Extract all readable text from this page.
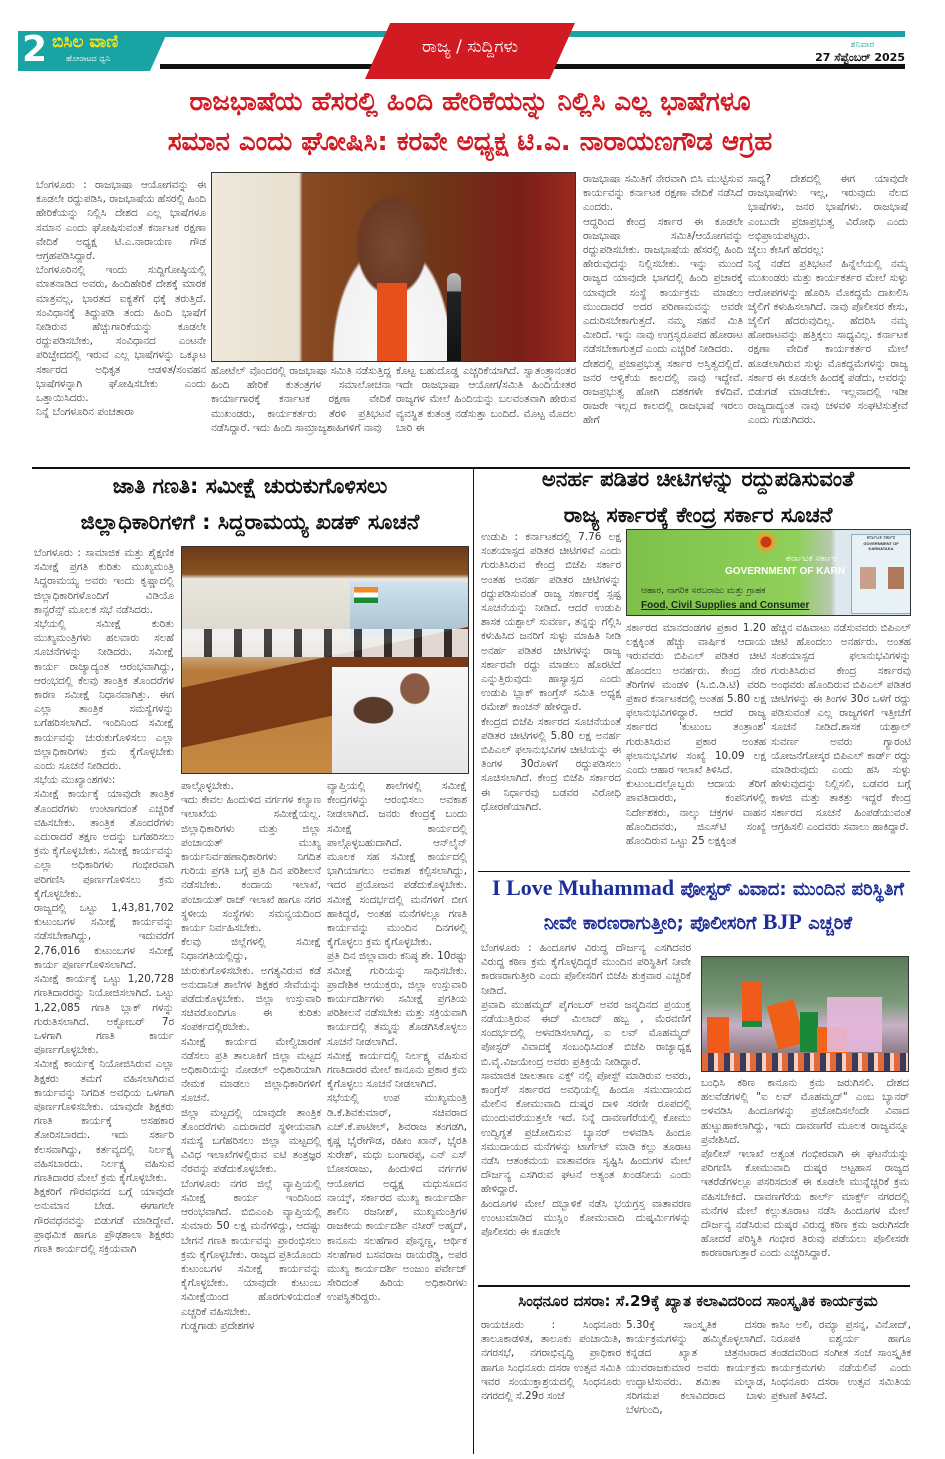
2 ಬಿಸಿಲ ವಾಣಿ
ಹೋರಾಟದ ಧ್ವನಿ
ರಾಜ್ಯ / ಸುದ್ದಿಗಳು	ಶನಿವಾರ
27 ಸೆಪ್ಟೆಂಬರ್ 2025
ರಾಜಭಾಷೆಯ ಹೆಸರಲ್ಲಿ ಹಿಂದಿ ಹೇರಿಕೆಯನ್ನು ನಿಲ್ಲಿಸಿ ಎಲ್ಲ ಭಾಷೆಗಳೂ
ಸಮಾನ ಎಂದು ಘೋಷಿಸಿ: ಕರವೇ ಅಧ್ಯಕ್ಷ ಟಿ.ಎ. ನಾರಾಯಣಗೌಡ ಆಗ್ರಹ
ಬೆಂಗಳೂರು : ರಾಜಭಾಷಾ ಆಯೋಗವನ್ನು ಈ ಕೂಡಲೇ ರದ್ದುಪಡಿಸಿ, ರಾಜಭಾಷೆಯ ಹೆಸರಲ್ಲಿ ಹಿಂದಿ ಹೇರಿಕೆಯನ್ನು ನಿಲ್ಲಿಸಿ ದೇಶದ ಎಲ್ಲ ಭಾಷೆಗಳೂ ಸಮಾನ ಎಂದು ಘೋಷಿಸುವಂತೆ ಕರ್ನಾಟಕ ರಕ್ಷಣಾ ವೇದಿಕೆ ಅಧ್ಯಕ್ಷ ಟಿ.ಎ.ನಾರಾಯಣ ಗೌಡ ಆಗ್ರಹಪಡಿಸಿದ್ದಾರೆ.
ಬೆಂಗಳೂರಿನಲ್ಲಿ ಇಂದು ಸುದ್ದಿಗೋಷ್ಠಿಯಲ್ಲಿ ಮಾತನಾಡಿದ ಅವರು, ಹಿಂದಿಹೇರಿಕೆ ದೇಶಕ್ಕೆ ಮಾರಕ ಮಾತ್ರವಲ್ಲ, ಭಾರತದ ಐಕ್ಯತೆಗೆ ಧಕ್ಕೆ ತರುತ್ತಿದೆ. ಸಂವಿಧಾನಕ್ಕೆ ತಿದ್ದುಪಡಿ ತಂದು ಹಿಂದಿ ಭಾಷೆಗೆ ನೀಡಿರುವ ಹೆಚ್ಚುಗಾರಿಕೆಯನ್ನು ಕೂಡಲೇ ರದ್ದುಪಡಿಸಬೇಕು, ಸಂವಿಧಾನದ ಎಂಟನೇ ಪರಿಚ್ಛೇದದಲ್ಲಿ ಇರುವ ಎಲ್ಲ ಭಾಷೆಗಳನ್ನು ಒಕ್ಕೂಟ ಸರ್ಕಾರದ ಅಧಿಕೃತ ಆಡಳಿತ/ಸಂವಹನ ಭಾಷೆಗಳನ್ನಾಗಿ ಘೋಷಿಸಬೇಕು ಎಂದು ಒತ್ತಾಯಿಸಿದರು.
ನಿನ್ನೆ ಬೆಂಗಳೂರಿನ ಪಂಚತಾರಾ
ಹೋಟೆಲ್ ವೊಂದರಲ್ಲಿ ರಾಜಭಾಷಾ ಸಮಿತಿ ನಡೆಸುತ್ತಿದ್ದ ಹಿಂದಿ ಹೇರಿಕೆ ಕುತಂತ್ರಗಳ ಸಮಾಲೋಚನಾ ಕಾರ್ಯಾಗಾರಕ್ಕೆ ಕರ್ನಾಟಕ ರಕ್ಷಣಾ ವೇದಿಕೆ ಮುಖಂಡರು, ಕಾರ್ಯಕರ್ತರು ತೆರಳಿ ಪ್ರತಿಭಟನೆ ನಡೆಸಿದ್ದಾರೆ. ಇದು ಹಿಂದಿ ಸಾಮ್ರಾಜ್ಯಶಾಹಿಗಳಿಗೆ ನಾವು
ಕೊಟ್ಟ ಬಹುದೊಡ್ಡ ಎಚ್ಚರಿಕೆಯಾಗಿದೆ. ಸ್ವಾತಂತ್ರ್ಯಾನಂತರ ಇದೇ ರಾಜಭಾಷಾ ಆಯೋಗ/ಸಮಿತಿ ಹಿಂದಿಯೇತರ ರಾಜ್ಯಗಳ ಮೇಲೆ ಹಿಂದಿಯನ್ನು ಬಲವಂತವಾಗಿ ಹೇರುವ ವ್ಯವಸ್ಥಿತ ಕುತಂತ್ರ ನಡೆಸುತ್ತಾ ಬಂದಿದೆ. ಮೊಟ್ಟ ಮೊದಲ ಬಾರಿ ಈ
ರಾಜಭಾಷಾ ಸಮಿತಿಗೆ ನೇರವಾಗಿ ಬಿಸಿ ಮುಟ್ಟಿಸುವ ಕಾರ್ಯವನ್ನು ಕರ್ನಾಟಕ ರಕ್ಷಣಾ ವೇದಿಕೆ ನಡೆಸಿದೆ ಎಂದರು.
ಆದ್ದರಿಂದ ಕೇಂದ್ರ ಸರ್ಕಾರ ಈ ಕೂಡಲೇ ರಾಜಭಾಷಾ ಸಮಿತಿ/ಆಯೋಗವನ್ನು ರದ್ದುಪಡಿಸಬೇಕು. ರಾಜಭಾಷೆಯ ಹೆಸರಲ್ಲಿ ಹಿಂದಿ ಹೇರುವುದನ್ನು ನಿಲ್ಲಿಸಬೇಕು. ಇನ್ನು ಮುಂದೆ ರಾಜ್ಯದ ಯಾವುದೇ ಭಾಗದಲ್ಲಿ ಹಿಂದಿ ಪ್ರಚಾರಕ್ಕೆ ಯಾವುದೇ ಸಂಸ್ಥೆ ಕಾರ್ಯಕ್ರಮ ಮಾಡಲು ಮುಂದಾದರೆ ಅದರ ಪರಿಣಾಮವನ್ನು ಅವರೇ ಎದುರಿಸಬೇಕಾಗುತ್ತದೆ. ನಮ್ಮ ಸಹನೆ ಮಿತಿ ಮೀರಿದೆ. ಇನ್ನು ನಾವು ಉಗ್ರಸ್ವರೂಪದ ಹೋರಾಟ ನಡೆಸಬೇಕಾಗುತ್ತದೆ ಎಂದು ಎಚ್ಚರಿಕೆ ನೀಡಿದರು.
ದೇಶದಲ್ಲಿ ಪ್ರಜಾಪ್ರಭುತ್ವ ಸರ್ಕಾರ ಅಸ್ತಿತ್ವದಲ್ಲಿದೆ. ಜನರ ಆಳ್ವಿಕೆಯ ಕಾಲದಲ್ಲಿ ನಾವು ಇದ್ದೇವೆ. ರಾಜಪ್ರಭುತ್ವ ಹೋಗಿ ದಶಕಗಳೇ ಕಳೆದಿವೆ. ರಾಜರೇ ಇಲ್ಲದ ಕಾಲದಲ್ಲಿ ರಾಜಭಾಷೆ ಇರಲು ಹೇಗೆ
ಸಾಧ್ಯ? ದೇಶದಲ್ಲಿ ಈಗ ಯಾವುದೇ ರಾಜಭಾಷೆಗಳು ಇಲ್ಲ, ಇರುವುದು ನೆಲದ ಭಾಷೆಗಳು, ಜನರ ಭಾಷೆಗಳು. ರಾಜಭಾಷೆ ಎಂಬುದೇ ಪ್ರಜಾಪ್ರಭುತ್ವ ವಿರೋಧಿ ಎಂದು ಅಭಿಪ್ರಾಯಪಟ್ಟರು.
ಜೈಲು ಕೇಸಿಗೆ ಹೆದರಲ್ಲ:
ನಿನ್ನೆ ನಡೆದ ಪ್ರತಿಭಟನೆ ಹಿನ್ನೆಲೆಯಲ್ಲಿ ನಮ್ಮ ಮುಖಂಡರು ಮತ್ತು ಕಾರ್ಯಕರ್ತರ ಮೇಲೆ ಸುಳ್ಳು ಆರೋಪಗಳನ್ನು ಹೊರಿಸಿ ಮೊಕದ್ದಮೆ ದಾಖಲಿಸಿ ಜೈಲಿಗೆ ಕಳುಹಿಸಲಾಗಿದೆ. ನಾವು ಪೊಲೀಸರ ಕೇಸು, ಜೈಲಿಗೆ ಹೆದರುವುದಿಲ್ಲ. ಹೆದರಿಸಿ ನಮ್ಮ ಹೋರಾಟವನ್ನು ಹತ್ತಿಕ್ಕಲು ಸಾಧ್ಯವಿಲ್ಲ. ಕರ್ನಾಟಕ ರಕ್ಷಣಾ ವೇದಿಕೆ ಕಾರ್ಯಕರ್ತರ ಮೇಲೆ ಹೂಡಲಾಗಿರುವ ಸುಳ್ಳು ಮೊಕದ್ದಮೆಗಳನ್ನು ರಾಜ್ಯ ಸರ್ಕಾರ ಈ ಕೂಡಲೇ ಹಿಂದಕ್ಕೆ ಪಡೆದು, ಅವರನ್ನು ಬಿಡುಗಡೆ ಮಾಡಬೇಕು. ಇಲ್ಲವಾದಲ್ಲಿ ಇಡೀ ರಾಜ್ಯದಾದ್ಯಂತ ನಾವು ಚಳವಳಿ ಸಂಘಟಿಸುತ್ತೇವೆ ಎಂದು ಗುಡುಗಿದರು.
ಜಾತಿ ಗಣತಿ: ಸಮೀಕ್ಷೆ ಚುರುಕುಗೊಳಿಸಲು
ಜಿಲ್ಲಾಧಿಕಾರಿಗಳಿಗೆ : ಸಿದ್ದರಾಮಯ್ಯ ಖಡಕ್ ಸೂಚನೆ
ಬೆಂಗಳೂರು : ಸಾಮಾಜಿಕ ಮತ್ತು ಶೈಕ್ಷಣಿಕ ಸಮೀಕ್ಷೆ ಪ್ರಗತಿ ಕುರಿತು ಮುಖ್ಯಮಂತ್ರಿ ಸಿದ್ದರಾಮಯ್ಯ ಅವರು ಇಂದು ಕೃಷ್ಣಾದಲ್ಲಿ ಜಿಲ್ಲಾಧಿಕಾರಿಗಳೊಂದಿಗೆ ವಿಡಿಯೊ ಕಾನ್ಫರೆನ್ಸ್ ಮೂಲಕ ಸಭೆ ನಡೆಸಿದರು.
ಸಭೆಯಲ್ಲಿ ಸಮೀಕ್ಷೆ ಕುರಿತು ಮುಖ್ಯಮಂತ್ರಿಗಳು ಹಲವಾರು ಸಲಹೆ ಸೂಚನೆಗಳನ್ನು ನೀಡಿದರು. ಸಮೀಕ್ಷೆ ಕಾರ್ಯ ರಾಜ್ಯಾದ್ಯಂತ ಆರಂಭವಾಗಿದ್ದು, ಆರಂಭದಲ್ಲಿ ಕೆಲವು ತಾಂತ್ರಿಕ ತೊಂದರೆಗಳ ಕಾರಣ ಸಮೀಕ್ಷೆ ನಿಧಾನವಾಗಿತ್ತು. ಈಗ ಎಲ್ಲಾ ತಾಂತ್ರಿಕ ಸಮಸ್ಯೆಗಳನ್ನು ಬಗೆಹರಿಸಲಾಗಿದೆ. ಇಂದಿನಿಂದ ಸಮೀಕ್ಷೆ ಕಾರ್ಯವನ್ನು ಚುರುಕುಗೊಳಿಸಲು ಎಲ್ಲಾ ಜಿಲ್ಲಾಧಿಕಾರಿಗಳು ಕ್ರಮ ಕೈಗೊಳ್ಳಬೇಕು ಎಂದು ಸೂಚನೆ ನೀಡಿದರು.
ಸಭೆಯ ಮುಖ್ಯಾಂಶಗಳು:
ಸಮೀಕ್ಷೆ ಕಾರ್ಯಕ್ಕೆ ಯಾವುದೇ ತಾಂತ್ರಿಕ ತೊಂದರೆಗಳು ಉಂಟಾಗದಂತೆ ಎಚ್ಚರಿಕೆ ವಹಿಸಬೇಕು. ತಾಂತ್ರಿಕ ತೊಂದರೆಗಳು ಎದುರಾದರೆ ತಕ್ಷಣ ಅದನ್ನು ಬಗೆಹರಿಸಲು ಕ್ರಮ ಕೈಗೊಳ್ಳಬೇಕು. ಸಮೀಕ್ಷೆ ಕಾರ್ಯವನ್ನು ಎಲ್ಲಾ ಅಧಿಕಾರಿಗಳು ಗಂಭೀರವಾಗಿ ಪರಿಗಣಿಸಿ ಪೂರ್ಣಗೊಳಿಸಲು ಕ್ರಮ ಕೈಗೊಳ್ಳಬೇಕು.
ರಾಜ್ಯದಲ್ಲಿ ಒಟ್ಟು 1,43,81,702 ಕುಟುಂಬಗಳ ಸಮೀಕ್ಷೆ ಕಾರ್ಯವನ್ನು ನಡೆಸಬೇಕಾಗಿದ್ದು, ಇದುವರೆಗೆ 2,76,016 ಕುಟುಂಬಗಳ ಸಮೀಕ್ಷೆ ಕಾರ್ಯ ಪೂರ್ಣಗೊಳಿಸಲಾಗಿದೆ.
ಸಮೀಕ್ಷೆ ಕಾರ್ಯಕ್ಕೆ ಒಟ್ಟು 1,20,728 ಗಣತಿದಾರರನ್ನು ನಿಯೋಜಿಸಲಾಗಿದೆ. ಒಟ್ಟು 1,22,085 ಗಣತಿ ಬ್ಲಾಕ್ ಗಳನ್ನು ಗುರುತಿಸಲಾಗಿದೆ. ಅಕ್ಟೋಬರ್ 7ರ ಒಳಗಾಗಿ ಗಣತಿ ಕಾರ್ಯ ಪೂರ್ಣಗೊಳ್ಳಬೇಕು.
ಸಮೀಕ್ಷೆ ಕಾರ್ಯಕ್ಕೆ ನಿಯೋಜಿಸಿರುವ ಎಲ್ಲಾ ಶಿಕ್ಷಕರು ತಮಗೆ ವಹಿಸಲಾಗಿರುವ ಕಾರ್ಯವನ್ನು ನಿಗದಿತ ಅವಧಿಯ ಒಳಗಾಗಿ ಪೂರ್ಣಗೊಳಿಸಬೇಕು. ಯಾವುದೇ ಶಿಕ್ಷಕರು ಗಣತಿ ಕಾರ್ಯಕ್ಕೆ ಅಸಹಕಾರ ತೋರಿಸಬಾರದು. ಇದು ಸರ್ಕಾರಿ ಕೆಲಸವಾಗಿದ್ದು, ಕರ್ತವ್ಯದಲ್ಲಿ ನಿರ್ಲಕ್ಷ್ಯ ವಹಿಸಬಾರದು. ನಿರ್ಲಕ್ಷ್ಯ ವಹಿಸುವ ಗಣತಿದಾರರ ಮೇಲೆ ಕ್ರಮ ಕೈಗೊಳ್ಳಬೇಕು.
ಶಿಕ್ಷಕರಿಗೆ ಗೌರವಧನದ ಬಗ್ಗೆ ಯಾವುದೇ ಅನುಮಾನ ಬೇಡ. ಈಗಾಗಲೇ ಗೌರವಧನವನ್ನು ಬಿಡುಗಡೆ ಮಾಡಿದ್ದೇವೆ. ಪ್ರಾಥಮಿಕ ಹಾಗೂ ಪ್ರೌಢಶಾಲಾ ಶಿಕ್ಷಕರು ಗಣತಿ ಕಾರ್ಯದಲ್ಲಿ ಸಕ್ರಿಯವಾಗಿ
ಪಾಲ್ಗೊಳ್ಳಬೇಕು.
ಇದು ಕೇವಲ ಹಿಂದುಳಿದ ವರ್ಗಗಳ ಕಲ್ಯಾಣ ಇಲಾಖೆಯ ಸಮೀಕ್ಷೆಯಲ್ಲ. ಜಿಲ್ಲಾಧಿಕಾರಿಗಳು ಮತ್ತು ಜಿಲ್ಲಾ ಪಂಚಾಯತ್ ಮುಖ್ಯ ಕಾರ್ಯನಿರ್ವಹಣಾಧಿಕಾರಿಗಳು ನಿಗದಿತ ಗುರಿಯ ಪ್ರಗತಿ ಬಗ್ಗೆ ಪ್ರತಿ ದಿನ ಪರಿಶೀಲನೆ ನಡೆಸಬೇಕು. ಕಂದಾಯ ಇಲಾಖೆ, ಪಂಚಾಯತ್ ರಾಜ್ ಇಲಾಖೆ ಹಾಗೂ ನಗರ ಸ್ಥಳೀಯ ಸಂಸ್ಥೆಗಳು ಸಮನ್ವಯದಿಂದ ಕಾರ್ಯ ನಿರ್ವಹಿಸಬೇಕು.
ಕೆಲವು ಜಿಲ್ಲೆಗಳಲ್ಲಿ ಸಮೀಕ್ಷೆ ನಿಧಾನಗತಿಯಲ್ಲಿದ್ದು, ಚುರುಕುಗೊಳಿಸಬೇಕು. ಅಗತ್ಯವಿರುವ ಕಡೆ ಅನುದಾನಿತ ಶಾಲೆಗಳ ಶಿಕ್ಷಕರ ಸೇವೆಯನ್ನು ಪಡೆದುಕೊಳ್ಳಬೇಕು. ಜಿಲ್ಲಾ ಉಸ್ತುವಾರಿ ಸಚಿವರೊಂದಿಗೂ ಈ ಕುರಿತು ಸಂಪರ್ಕದಲ್ಲಿರಬೇಕು.
ಸಮೀಕ್ಷೆ ಕಾರ್ಯದ ಮೇಲ್ವಿಚಾರಣೆ ನಡೆಸಲು ಪ್ರತಿ ತಾಲೂಕಿಗೆ ಜಿಲ್ಲಾ ಮಟ್ಟದ ಅಧಿಕಾರಿಯನ್ನು ನೋಡಲ್ ಅಧಿಕಾರಿಯಾಗಿ ನೇಮಕ ಮಾಡಲು ಜಿಲ್ಲಾಧಿಕಾರಿಗಳಿಗೆ ಸೂಚನೆ.
ಜಿಲ್ಲಾ ಮಟ್ಟದಲ್ಲಿ ಯಾವುದೇ ತಾಂತ್ರಿಕ ತೊಂದರೆಗಳು ಎದುರಾದರೆ ಸ್ಥಳೀಯವಾಗಿ ಸಮಸ್ಯೆ ಬಗೆಹರಿಸಲು ಜಿಲ್ಲಾ ಮಟ್ಟದಲ್ಲಿ ವಿವಿಧ ಇಲಾಖೆಗಳಲ್ಲಿರುವ ಐಟಿ ತಂತ್ರಜ್ಞರ ನೆರವನ್ನು ಪಡೆದುಕೊಳ್ಳಬೇಕು.
ಬೆಂಗಳೂರು ನಗರ ಜಿಲ್ಲೆ ವ್ಯಾಪ್ತಿಯಲ್ಲಿ ಸಮೀಕ್ಷೆ ಕಾರ್ಯ ಇಂದಿನಿಂದ ಆರಂಭವಾಗಿದೆ. ಬಿಬಿಎಂಪಿ ವ್ಯಾಪ್ತಿಯಲ್ಲಿ ಸುಮಾರು 50 ಲಕ್ಷ ಮನೆಗಳಿದ್ದು, ಆದಷ್ಟು ಬೇಗನೆ ಗಣತಿ ಕಾರ್ಯವನ್ನು ಪ್ರಾರಂಭಿಸಲು ಕ್ರಮ ಕೈಗೊಳ್ಳಬೇಕು. ರಾಜ್ಯದ ಪ್ರತಿಯೊಂದು ಕುಟುಂಬಗಳ ಸಮೀಕ್ಷೆ ಕಾರ್ಯವನ್ನು ಕೈಗೊಳ್ಳಬೇಕು. ಯಾವುದೇ ಕುಟುಂಬ ಸಮೀಕ್ಷೆಯಿಂದ ಹೊರಗುಳಿಯದಂತೆ ಎಚ್ಚರಿಕೆ ವಹಿಸಬೇಕು.
ಗುಡ್ಡಗಾಡು ಪ್ರದೇಶಗಳ
ವ್ಯಾಪ್ತಿಯಲ್ಲಿ ಶಾಲೆಗಳಲ್ಲಿ ಸಮೀಕ್ಷೆ ಕೇಂದ್ರಗಳನ್ನು ಆರಂಭಿಸಲು ಅವಕಾಶ ನೀಡಲಾಗಿದೆ. ಜನರು ಕೇಂದ್ರಕ್ಕೆ ಬಂದು ಸಮೀಕ್ಷೆ ಕಾರ್ಯದಲ್ಲಿ ಪಾಲ್ಗೊಳ್ಳಬಹುದಾಗಿದೆ. ಆನ್‌ಲೈನ್ ಮೂಲಕ ಸಹ ಸಮೀಕ್ಷೆ ಕಾರ್ಯದಲ್ಲಿ ಭಾಗಿಯಾಗಲು ಅವಕಾಶ ಕಲ್ಪಿಸಲಾಗಿದ್ದು, ಇದರ ಪ್ರಯೋಜನ ಪಡೆದುಕೊಳ್ಳಬೇಕು. ಸಮೀಕ್ಷೆ ಸಂದರ್ಭದಲ್ಲಿ ಮನೆಗಳಿಗೆ ಬೀಗ ಹಾಕಿದ್ದರೆ, ಅಂತಹ ಮನೆಗಳಲ್ಲೂ ಗಣತಿ ಕಾರ್ಯವನ್ನು ಮುಂದಿನ ದಿನಗಳಲ್ಲಿ ಕೈಗೊಳ್ಳಲು ಕ್ರಮ ಕೈಗೊಳ್ಳಬೇಕು.
ಪ್ರತಿ ದಿನ ಜಿಲ್ಲಾವಾರು ಕನಿಷ್ಠ ಶೇ. 10ರಷ್ಟು ಸಮೀಕ್ಷೆ ಗುರಿಯನ್ನು ಸಾಧಿಸಬೇಕು. ಪ್ರಾದೇಶಿಕ ಆಯುಕ್ತರು, ಜಿಲ್ಲಾ ಉಸ್ತುವಾರಿ ಕಾರ್ಯದರ್ಶಿಗಳು ಸಮೀಕ್ಷೆ ಪ್ರಗತಿಯ ಪರಿಶೀಲನೆ ನಡೆಸಬೇಕು ಮತ್ತು ಸಕ್ರಿಯವಾಗಿ ಕಾರ್ಯದಲ್ಲಿ ತಮ್ಮನ್ನು ತೊಡಗಿಸಿಕೊಳ್ಳಲು ಸೂಚನೆ ನೀಡಲಾಗಿದೆ.
ಸಮೀಕ್ಷೆ ಕಾರ್ಯದಲ್ಲಿ ನಿರ್ಲಕ್ಷ್ಯ ವಹಿಸುವ ಗಣತಿದಾರರ ಮೇಲೆ ಕಾನೂನು ಪ್ರಕಾರ ಕ್ರಮ ಕೈಗೊಳ್ಳಲು ಸೂಚನೆ ನೀಡಲಾಗಿದೆ.
ಸಭೆಯಲ್ಲಿ ಉಪ ಮುಖ್ಯಮಂತ್ರಿ ಡಿ.ಕೆ.ಶಿವಕುಮಾರ್, ಸಚಿವರಾದ ಎಚ್.ಕೆ.ಪಾಟೀಲ್, ಶಿವರಾಜ ತಂಗಡಗಿ, ಕೃಷ್ಣ ಭೈರೇಗೌಡ, ರಹೀಂ ಖಾನ್, ಭೈರತಿ ಸುರೇಶ್, ಮಧು ಬಂಗಾರಪ್ಪ, ಎನ್ ಎಸ್ ಬೋಸರಾಜು, ಹಿಂದುಳಿದ ವರ್ಗಗಳ ಆಯೋಗದ ಅಧ್ಯಕ್ಷ ಮಧುಸೂದನ ನಾಯ್ಕ್, ಸರ್ಕಾರದ ಮುಖ್ಯ ಕಾರ್ಯದರ್ಶಿ ಶಾಲಿನಿ ರಜನೀಶ್, ಮುಖ್ಯಮಂತ್ರಿಗಳ ರಾಜಕೀಯ ಕಾರ್ಯದರ್ಶಿ ನಸೀರ್ ಅಹ್ಮದ್, ಕಾನೂನು ಸಲಹೆಗಾರ ಪೊನ್ನಣ್ಣ, ಆರ್ಥಿಕ ಸಲಹೆಗಾರ ಬಸವರಾಜ ರಾಯರೆಡ್ಡಿ, ಅಪರ ಮುಖ್ಯ ಕಾರ್ಯದರ್ಶಿ ಅಂಜುಂ ಪರ್ವೇಜ್ ಸೇರಿದಂತೆ ಹಿರಿಯ ಅಧಿಕಾರಿಗಳು ಉಪಸ್ಥಿತರಿದ್ದರು.
ಅನರ್ಹ ಪಡಿತರ ಚೀಟಿಗಳನ್ನು ರದ್ದುಪಡಿಸುವಂತೆ
ರಾಜ್ಯ ಸರ್ಕಾರಕ್ಕೆ ಕೇಂದ್ರ ಸರ್ಕಾರ ಸೂಚನೆ
ಉಡುಪಿ : ಕರ್ನಾಟಕದಲ್ಲಿ 7.76 ಲಕ್ಷ ಸಂಶಯಾಸ್ಪದ ಪಡಿತರ ಚೀಟಿಗಳಿವೆ ಎಂದು ಗುರುತಿಸಿರುವ ಕೇಂದ್ರ ಬಿಜೆಪಿ ಸರ್ಕಾರ ಅಂತಹ ಅನರ್ಹ ಪಡಿತರ ಚೀಟಿಗಳನ್ನು ರದ್ದುಪಡಿಸುವಂತೆ ರಾಜ್ಯ ಸರ್ಕಾರಕ್ಕೆ ಸ್ಪಷ್ಟ ಸೂಚನೆಯನ್ನು ನೀಡಿದೆ. ಆದರೆ ಉಡುಪಿ ಶಾಸಕ ಯಶ್ಪಾಲ್ ಸುವರ್ಣ, ತನ್ನನ್ನು ಗೆಲ್ಲಿಸಿ ಕಳುಹಿಸಿದ ಜನರಿಗೆ ಸುಳ್ಳು ಮಾಹಿತಿ ನೀಡಿ ಅನರ್ಹ ಪಡಿತರ ಚೀಟಿಗಳನ್ನು ರಾಜ್ಯ ಸರ್ಕಾರವೇ ರದ್ದು ಮಾಡಲು ಹೊರಟಿದೆ ಎನ್ನುತ್ತಿರುವುದು ಹಾಸ್ಯಾಸ್ಪದ ಎಂದು ಉಡುಪಿ ಬ್ಲಾಕ್ ಕಾಂಗ್ರೆಸ್ ಸಮಿತಿ ಅಧ್ಯಕ್ಷ ರಮೇಶ್ ಕಾಂಚನ್ ಹೇಳಿದ್ದಾರೆ.
ಕೇಂದ್ರದ ಬಿಜೆಪಿ ಸರ್ಕಾರದ ಸೂಚನೆಯಂತೆ ಪಡಿತರ ಚೀಟಿಗಳಲ್ಲಿ 5.80 ಲಕ್ಷ ಅನರ್ಹ ಬಿಪಿಎಲ್ ಫಲಾನುಭವಿಗಳ ಚೀಟಿಯನ್ನು ಈ ತಿಂಗಳ 30ರೊಳಗೆ ರದ್ದುಪಡಿಸಲು ಸೂಚಿಸಲಾಗಿದೆ. ಕೇಂದ್ರ ಬಿಜೆಪಿ ಸರ್ಕಾರದ ಈ ನಿರ್ಧಾರವು ಬಡವರ ವಿರೋಧಿ ಧೋರಣೆಯಾಗಿದೆ.
ಕರ್ನಾಟಕ ಸರ್ಕಾರ
GOVERNMENT OF KARN
ಆಹಾರ, ನಾಗರಿಕ ಸರಬರಾಜು ಮತ್ತು ಗ್ರಾಹಕ
Food, Civil Supplies and Consumer
ಕರ್ನಾಟಕ ಸರ್ಕಾರ
GOVERNMENT OF KARNATAKA
ಸರ್ಕಾರದ ಮಾನದಂಡಗಳ ಪ್ರಕಾರ 1.20 ಲಕ್ಷಕ್ಕಿಂತ ಹೆಚ್ಚು ವಾರ್ಷಿಕ ಆದಾಯ ಇರುವವರು ಬಿಪಿಎಲ್ ಪಡಿತರ ಚೀಟಿ ಹೊಂದಲು ಅನರ್ಹರು. ಕೇಂದ್ರ ನೇರ ತೆರಿಗೆಗಳ ಮಂಡಳಿ (ಸಿ.ಬಿ.ಡಿ.ಟಿ) ವರದಿ ಪ್ರಕಾರ ಕರ್ನಾಟಕದಲ್ಲಿ ಅಂತಹ 5.80 ಲಕ್ಷ ಫಲಾನುಭವಿಗಳಿದ್ದಾರೆ. ಆದರೆ ರಾಜ್ಯ ಸರ್ಕಾರದ 'ಕುಟುಂಬ ತಂತ್ರಾಂಶ' ಗುರುತಿಸಿರುವ ಪ್ರಕಾರ ಅಂತಹ ಫಲಾನುಭವಿಗಳ ಸಂಖ್ಯೆ 10.09 ಲಕ್ಷ ಎಂದು ಆಹಾರ ಇಲಾಖೆ ತಿಳಿಸಿದೆ.
ಕುಟುಂಬದಲ್ಲೊಬ್ಬರು ಆದಾಯ ತೆರಿಗೆ ಪಾವತಿದಾರರು, ಕಂಪನಿಗಳಲ್ಲಿ ನಿರ್ದೇಶಕರು, ನಾಲ್ಕು ಚಕ್ರಗಳ ವಾಹನ ಹೊಂದಿದವರು, ಜಿಎಸ್‌ಟಿ ಸಂಖ್ಯೆ ಹೊಂದಿರುವ ಒಟ್ಟು 25 ಲಕ್ಷಕ್ಕಿಂತ
ಹೆಚ್ಚಿನ ವಹಿವಾಟು ನಡೆಸುವವರು ಬಿಪಿಎಲ್ ಚೀಟಿ ಹೊಂದಲು ಅನರ್ಹರು. ಅಂತಹ ಸಂಶಯಾಸ್ಪದ ಫಲಾನುಭವಿಗಳನ್ನು ಗುರುತಿಸಿರುವ ಕೇಂದ್ರ ಸರ್ಕಾರವು ಅಂಥವರು ಹೊಂದಿರುವ ಬಿಪಿಎಲ್ ಪಡಿತರ ಚೀಟಿಗಳನ್ನು ಈ ತಿಂಗಳ 30ರ ಒಳಗೆ ರದ್ದು ಪಡಿಸುವಂತೆ ಎಲ್ಲ ರಾಜ್ಯಗಳಿಗೆ ಇತ್ತೀಚೆಗೆ ಸೂಚನೆ ನೀಡಿದೆ.ಶಾಸಕ ಯಶ್ಪಾಲ್ ಸುವರ್ಣ ಅವರು ಗ್ಯಾರಂಟಿ ಯೋಜನೆಗೋಸ್ಕರ ಬಿಪಿಎಲ್ ಕಾರ್ಡ್ ರದ್ದು ಮಾಡಿರುವುದು ಎಂದು ಹಸಿ ಸುಳ್ಳು ಹೇಳುವುದನ್ನು ನಿಲ್ಲಿಸಲಿ, ಬಡವರ ಬಗ್ಗೆ ಕಾಳಜಿ ಮತ್ತು ತಾಕತ್ತು ಇದ್ದರೆ ಕೇಂದ್ರ ಸರ್ಕಾರದ ಸೂಚನೆ ಹಿಂಪಡೆಯುವಂತೆ ಆಗ್ರಹಿಸಲಿ ಎಂದವರು ಸವಾಲು ಹಾಕಿದ್ದಾರೆ.
I Love Muhammad ಪೋಸ್ಟರ್ ವಿವಾದ: ಮುಂದಿನ ಪರಿಸ್ಥಿತಿಗೆ
ನೀವೇ ಕಾರಣರಾಗುತ್ತೀರಿ; ಪೊಲೀಸರಿಗೆ BJP ಎಚ್ಚರಿಕೆ
ಬೆಂಗಳೂರು : ಹಿಂದೂಗಳ ವಿರುದ್ಧ ದೌರ್ಜನ್ಯ ಎಸಗಿದವರ ವಿರುದ್ಧ ಕಠಿಣ ಕ್ರಮ ಕೈಗೊಳ್ಳದಿದ್ದರೆ ಮುಂದಿನ ಪರಿಸ್ಥಿತಿಗೆ ನೀವೇ ಕಾರಣರಾಗುತ್ತೀರಿ ಎಂದು ಪೊಲೀಸರಿಗೆ ಬಿಜೆಪಿ ಶುಕ್ರವಾರ ಎಚ್ಚರಿಕೆ ನೀಡಿದೆ.
ಪ್ರವಾದಿ ಮುಹಮ್ಮದ್ ಪೈಗಂಬರ್ ಅವರ ಜನ್ಮದಿನದ ಪ್ರಯುಕ್ತ ನಡೆಯುತ್ತಿರುವ ಈದ್ ಮಿಲಾದ್ ಹಬ್ಬ , ಮೆರವಣಿಗೆ ಸಂದರ್ಭದಲ್ಲಿ ಅಳವಡಿಸಲಾಗಿದ್ದ, ಐ ಲವ್ ಮೊಹಮ್ಮದ್ ಪೋಸ್ಟರ್ ವಿವಾದಕ್ಕೆ ಸಂಬಂಧಿಸಿದಂತೆ ಬಿಜೆಪಿ ರಾಜ್ಯಾಧ್ಯಕ್ಷ ಬಿ.ವೈ.ವಿಜಯೇಂದ್ರ ಅವರು ಪ್ರತಿಕ್ರಿಯೆ ನೀಡಿದ್ದಾರೆ.
ಸಾಮಾಜಿಕ ಜಾಲತಾಣ ಎಕ್ಸ್ ನಲ್ಲಿ ಪೋಸ್ಟ್ ಮಾಡಿರುವ ಅವರು, ಕಾಂಗ್ರೆಸ್ ಸರ್ಕಾರದ ಅವಧಿಯಲ್ಲಿ ಹಿಂದೂ ಸಮುದಾಯದ ಮೇಲಿನ ಕೋಮುವಾದಿ ದುಷ್ಕರ ದಾಳಿ ಸರಣೀ ರೂಪದಲ್ಲಿ ಮುಂದುವರೆಯುತ್ತಲೇ ಇದೆ. ನಿನ್ನೆ ದಾವಣಗೆರೆಯಲ್ಲಿ ಕೋಮು ಉದ್ವಿಗ್ನತೆ ಪ್ರಚೋದಿಸುವ ಬ್ಯಾನರ್ ಅಳವಡಿಸಿ ಹಿಂದೂ ಸಮುದಾಯದ ಮನೆಗಳನ್ನು ಟಾರ್ಗೆಟ್ ಮಾಡಿ ಕಲ್ಲು ತೂರಾಟ ನಡೆಸಿ ಆತಂಕಮಯ ವಾತಾವರಣ ಸೃಷ್ಟಿಸಿ ಹಿಂದುಗಳ ಮೇಲೆ ದೌರ್ಜನ್ಯ ಎಸಗಿರುವ ಘಟನೆ ಅತ್ಯಂತ ಖಂಡನೀಯ ಎಂದು ಹೇಳಿದ್ದಾರೆ.
ಹಿಂದೂಗಳ ಮೇಲೆ ದಬ್ಬಾಳಿಕೆ ನಡೆಸಿ ಭಯಗ್ರಸ್ತ ವಾತಾವರಣ ಉಂಟುಮಾಡಿದ ಮುಸ್ಲಿಂ ಕೋಮುವಾದಿ ದುಷ್ಕರ್ಮಿಗಳನ್ನು ಪೊಲೀಸರು ಈ ಕೂಡಲೇ
ಬಂಧಿಸಿ ಕಠಿಣ ಕಾನೂನು ಕ್ರಮ ಜರುಗಿಸಲಿ. ದೇಶದ ಹಲವೆಡೆಗಳಲ್ಲಿ "ಐ ಲವ್ ಮೊಹಮ್ಮದ್" ಎಂಬ ಬ್ಯಾನರ್ ಅಳವಡಿಸಿ ಹಿಂದೂಗಳನ್ನು ಪ್ರಚೋದಿಸಲೆಂದೇ ವಿವಾದ ಹುಟ್ಟುಹಾಕಲಾಗಿದ್ದು, ಇದು ದಾವಣಗೆರೆ ಮೂಲಕ ರಾಜ್ಯವನ್ನೂ ಪ್ರವೇಶಿಸಿದೆ.
ಪೊಲೀಸ್ ಇಲಾಖೆ ಅತ್ಯಂತ ಗಂಭೀರವಾಗಿ ಈ ಘಟನೆಯನ್ನು ಪರಿಗಣಿಸಿ ಕೋಮುವಾದಿ ದುಷ್ಕರ ಅಟ್ಟಹಾಸ ರಾಜ್ಯದ ಇತರೆಡೆಗಳಲ್ಲೂ ಪಸರಿಸದಂತೆ ಈ ಕೂಡಲೇ ಮುನ್ನೆಚ್ಚರಿಕೆ ಕ್ರಮ ವಹಿಸಬೇಕಿದೆ. ದಾವಣಗೆರೆಯ ಕಾರ್ಲ್ ಮಾರ್ಕ್ಸ್ ನಗರದಲ್ಲಿ ಮನೆಗಳ ಮೇಲೆ ಕಲ್ಲುತೂರಾಟ ನಡೆಸಿ ಹಿಂದೂಗಳ ಮೇಲೆ ದೌರ್ಜನ್ಯ ನಡೆಸಿರುವ ದುಷ್ಕರ ವಿರುದ್ಧ ಕಠಿಣ ಕ್ರಮ ಜರುಗಿಸದೇ ಹೋದರೆ ಪರಿಸ್ಥಿತಿ ಗಂಭೀರ ತಿರುವು ಪಡೆಯಲು ಪೊಲೀಸರೇ ಕಾರಣರಾಗುತ್ತಾರೆ ಎಂದು ಎಚ್ಚರಿಸಿದ್ದಾರೆ.
ಸಿಂಧನೂರ ದಸರಾ: ಸೆ.29ಕ್ಕೆ ಖ್ಯಾತ ಕಲಾವಿದರಿಂದ ಸಾಂಸ್ಕೃತಿಕ ಕಾರ್ಯಕ್ರಮ
ರಾಯಚೂರು : ಸಿಂಧನೂರು ತಾಲೂಕಾಡಳಿತ, ತಾಲೂಕು ಪಂಚಾಯಿತಿ, ನಗರಸಭೆ, ನಗರಾಭಿವೃದ್ಧಿ ಪ್ರಾಧಿಕಾರ ಹಾಗೂ ಸಿಂಧನೂರು ದಸರಾ ಉತ್ಸವ ಸಮಿತಿ ಇವರ ಸಂಯುಕ್ತಾಶ್ರಯದಲ್ಲಿ ಸಿಂಧನೂರು ನಗರದಲ್ಲಿ ಸೆ.29ರ ಸಂಜೆ
5.30ಕ್ಕೆ ಸಾಂಸ್ಕೃತಿಕ ದಸರಾ ಕಾರ್ಯಕ್ರಮಗಳನ್ನು ಹಮ್ಮಿಕೊಳ್ಳಲಾಗಿದೆ. ಕನ್ನಡದ ಖ್ಯಾತ ಚಿತ್ರನಟರಾದ ಯುವರಾಜಕುಮಾರ ಅವರು ಕಾರ್ಯಕ್ರಮ ಉದ್ಘಾಟಿಸುವರು. ಶಮಿತಾ ಮಲ್ನಾಡ, ಸರಿಗಮಪ ಕಲಾವಿದರಾದ ಬಾಳು ಬೆಳಗುಂದಿ,
ಕಾಸಿಂ ಅಲಿ, ರಮ್ಯಾ ಪ್ರಸನ್ನ, ವಿನೋದ್, ನಿರೂಪಕಿ ಐಶ್ವರ್ಯ ಹಾಗೂ ತಂಡದವರಿಂದ ಸಂಗೀತ ಸಂಜೆ ಸಾಂಸ್ಕೃತಿಕ ಕಾರ್ಯಕ್ರಮಗಳು ನಡೆಯಲಿವೆ ಎಂದು ಸಿಂಧನೂರು ದಸರಾ ಉತ್ಸವ ಸಮಿತಿಯ ಪ್ರಕಟಣೆ ತಿಳಿಸಿದೆ.
